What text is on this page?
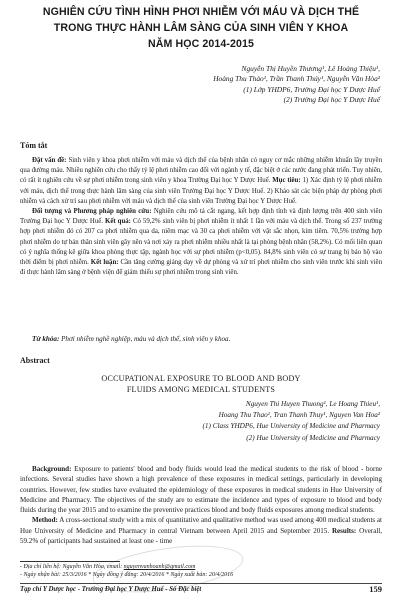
NGHIÊN CỨU TÌNH HÌNH PHƠI NHIỄM VỚI MÁU VÀ DỊCH THỂ
TRONG THỰC HÀNH LÂM SÀNG CỦA SINH VIÊN Y KHOA
NĂM HỌC 2014-2015
Nguyễn Thị Huyền Thương¹, Lê Hoàng Thiệu¹,
Hoàng Thu Thảo¹, Trần Thanh Thúy¹, Nguyễn Văn Hòa²
(1) Lớp YHDP6, Trường Đại học Y Dược Huế
(2) Trường Đại học Y Dược Huế
Tóm tắt

Đặt vấn đề: Sinh viên y khoa phơi nhiễm với máu và dịch thể của bệnh nhân có nguy cơ mắc những nhiễm khuẩn lây truyền qua đường máu. Nhiều nghiên cứu cho thấy tỷ lệ phơi nhiễm cao đối với ngành y tế, đặc biệt ở các nước đang phát triển. Tuy nhiên, có rất ít nghiên cứu về sự phơi nhiễm trong sinh viên y khoa Trường Đại học Y Dược Huế. Mục tiêu: 1) Xác định tỷ lệ phơi nhiễm với máu, dịch thể trong thực hành lâm sàng của sinh viên Trường Đại học Y Dược Huế. 2) Khảo sát các biện pháp dự phòng phơi nhiễm và cách xử trí sau phơi nhiễm với máu và dịch thể của sinh viên Trường Đại học Y Dược Huế.

Đối tượng và Phương pháp nghiên cứu: Nghiên cứu mô tả cắt ngang, kết hợp định tính và định lượng trên 400 sinh viên Trường Đại học Y Dược Huế. Kết quả: Có 59,2% sinh viên bị phơi nhiễm ít nhất 1 lần với máu và dịch thể. Trong số 237 trường hợp phơi nhiễm đó có 207 ca phơi nhiễm qua da, niêm mạc và 30 ca phơi nhiễm với vật sắc nhọn, kim tiêm. 70,5% trường hợp phơi nhiễm do tự bản thân sinh viên gây nên và nơi xảy ra phơi nhiễm nhiều nhất là tại phòng bệnh nhân (58,2%). Có mối liên quan có ý nghĩa thống kê giữa khoa phòng thực tập, ngành học với sự phơi nhiễm (p<0,05). 84,8% sinh viên có sự trang bị bảo hộ vào thời điểm bị phơi nhiễm. Kết luận: Cần tăng cường giảng dạy về dự phòng và xử trí phơi nhiễm cho sinh viên trước khi sinh viên đi thực hành lâm sàng ở bệnh viện để giảm thiểu sự phơi nhiễm trong sinh viên.

Từ khóa: Phơi nhiễm nghề nghiệp, máu và dịch thể, sinh viên y khoa.
Abstract
OCCUPATIONAL EXPOSURE TO BLOOD AND BODY
FLUIDS AMONG MEDICAL STUDENTS
Nguyen Thi Huyen Thuong¹, Le Hoang Thieu¹,
Hoang Thu Thao¹, Tran Thanh Thuy¹, Nguyen Van Hoa²
(1) Class YHDP6, Hue University of Medicine and Pharmacy
(2) Hue University of Medicine and Pharmacy

Background: Exposure to patients' blood and body fluids would lead the medical students to the risk of blood - borne infections. Several studies have shown a high prevalence of these exposures in medical settings, particularly in developing countries. However, few studies have evaluated the epidemiology of these exposures in medical students in Hue University of Medicine and Pharmacy. The objectives of the study are to estimate the incidence and types of exposure to blood and body fluids during the year 2015 and to examine the preventive practices blood and body fluids exposures among medical students.

Method: A cross-sectional study with a mix of quantitative and qualitative method was used among 400 medical students at Hue University of Medicine and Pharmacy in central Vietnam between April 2015 and September 2015. Results: Overall, 59.2% of participants had sustained at least one - time

- Địa chỉ liên hệ: Nguyễn Văn Hòa, email: nguyenvanhoanh@gmail.com
- Ngày nhận bài: 25/3/2016 * Ngày đồng ý đăng: 20/4/2016 * Ngày xuất bản: 20/4/2016
Tạp chí Y Dược học - Trường Đại học Y Dược Huế - Số Đặc biệt	159
